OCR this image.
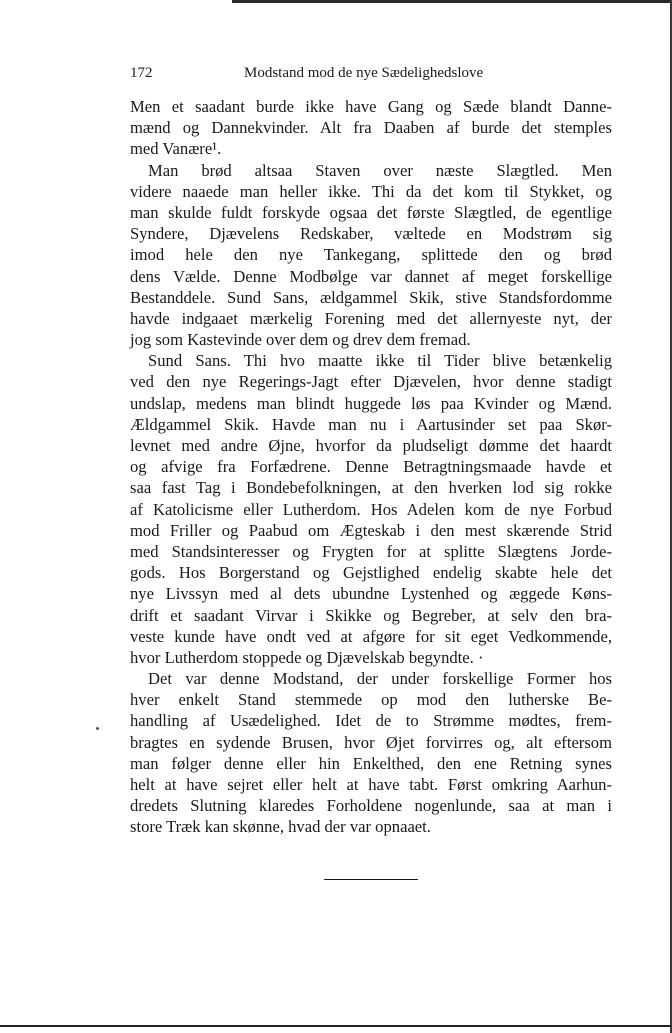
172	Modstand mod de nye Sædelighedslove
Men et saadant burde ikke have Gang og Sæde blandt Danne-
mænd og Dannekvinder. Alt fra Daaben af burde det stemples
med Vanære¹.
Man brød altsaa Staven over næste Slægtled. Men
videre naaede man heller ikke. Thi da det kom til Stykket, og
man skulde fuldt forskyde ogsaa det første Slægtled, de egentlige
Syndere, Djævelens Redskaber, væltede en Modstrøm sig
imod hele den nye Tankegang, splittede den og brød
dens Vælde. Denne Modbølge var dannet af meget forskellige
Bestanddele. Sund Sans, ældgammel Skik, stive Standsfordomme
havde indgaaet mærkelig Forening med det allernyeste nyt, der
jog som Kastevinde over dem og drev dem fremad.
Sund Sans. Thi hvo maatte ikke til Tider blive betænkelig
ved den nye Regerings-Jagt efter Djævelen, hvor denne stadigt
undslap, medens man blindt huggede løs paa Kvinder og Mænd.
Ældgammel Skik. Havde man nu i Aartusinder set paa Skør-
levnet med andre Øjne, hvorfor da pludseligt dømme det haardt
og afvige fra Forfædrene. Denne Betragtningsmaade havde et
saa fast Tag i Bondebefolkningen, at den hverken lod sig rokke
af Katolicisme eller Lutherdom. Hos Adelen kom de nye Forbud
mod Friller og Paabud om Ægteskab i den mest skærende Strid
med Standsinteresser og Frygten for at splitte Slægtens Jorde-
gods. Hos Borgerstand og Gejstlighed endelig skabte hele det
nye Livssyn med al dets ubundne Lystenhed og æggede Køns-
drift et saadant Virvar i Skikke og Begreber, at selv den bra-
veste kunde have ondt ved at afgøre for sit eget Vedkommende,
hvor Lutherdom stoppede og Djævelskab begyndte. ·
Det var denne Modstand, der under forskellige Former hos
hver enkelt Stand stemmede op mod den lutherske Be-
handling af Usædelighed. Idet de to Strømme mødtes, frem-
bragtes en sydende Brusen, hvor Øjet forvirres og, alt eftersom
man følger denne eller hin Enkelthed, den ene Retning synes
helt at have sejret eller helt at have tabt. Først omkring Aarhun-
dredets Slutning klaredes Forholdene nogenlunde, saa at man i
store Træk kan skønne, hvad der var opnaaet.
